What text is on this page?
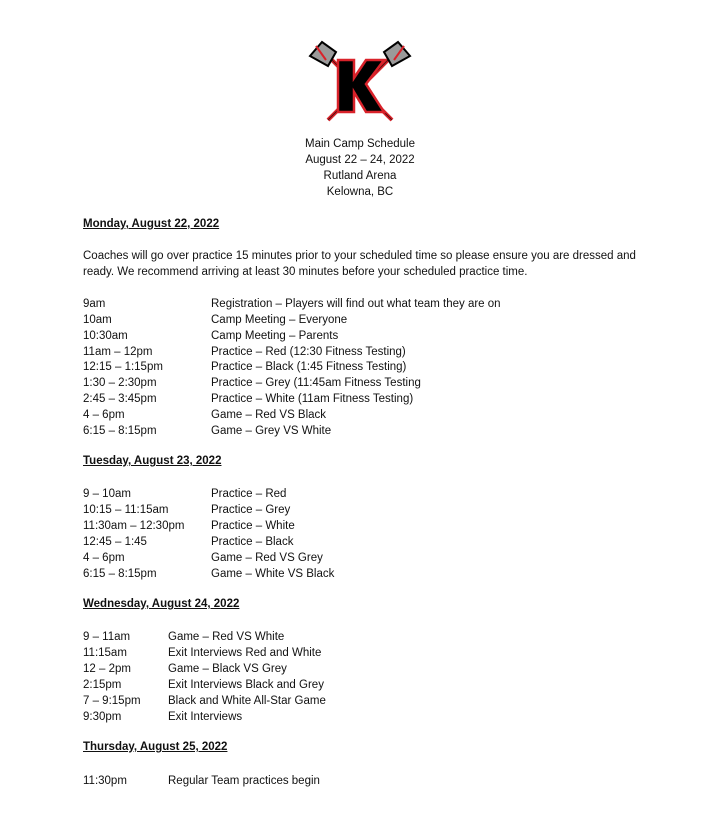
Main Camp Schedule
August 22 – 24, 2022
Rutland Arena
Kelowna, BC
Monday, August 22, 2022
Coaches will go over practice 15 minutes prior to your scheduled time so please ensure you are dressed and ready. We recommend arriving at least 30 minutes before your scheduled practice time.
9am	Registration – Players will find out what team they are on
10am	Camp Meeting – Everyone
10:30am	Camp Meeting – Parents
11am – 12pm	Practice – Red (12:30 Fitness Testing)
12:15 – 1:15pm	Practice – Black (1:45 Fitness Testing)
1:30 – 2:30pm	Practice – Grey (11:45am Fitness Testing
2:45 – 3:45pm	Practice – White (11am Fitness Testing)
4 – 6pm	Game – Red VS Black
6:15 – 8:15pm	Game – Grey VS White
Tuesday, August 23, 2022
9 – 10am	Practice – Red
10:15 – 11:15am	Practice – Grey
11:30am – 12:30pm Practice – White
12:45 – 1:45	Practice – Black
4 – 6pm	Game – Red VS Grey
6:15 – 8:15pm	Game – White VS Black
Wednesday, August 24, 2022
9 – 11am	Game – Red VS White
11:15am	Exit Interviews Red and White
12 – 2pm	Game – Black VS Grey
2:15pm	Exit Interviews Black and Grey
7 – 9:15pm Black and White All-Star Game
9:30pm	Exit Interviews
Thursday, August 25, 2022
11:30pm	Regular Team practices begin
